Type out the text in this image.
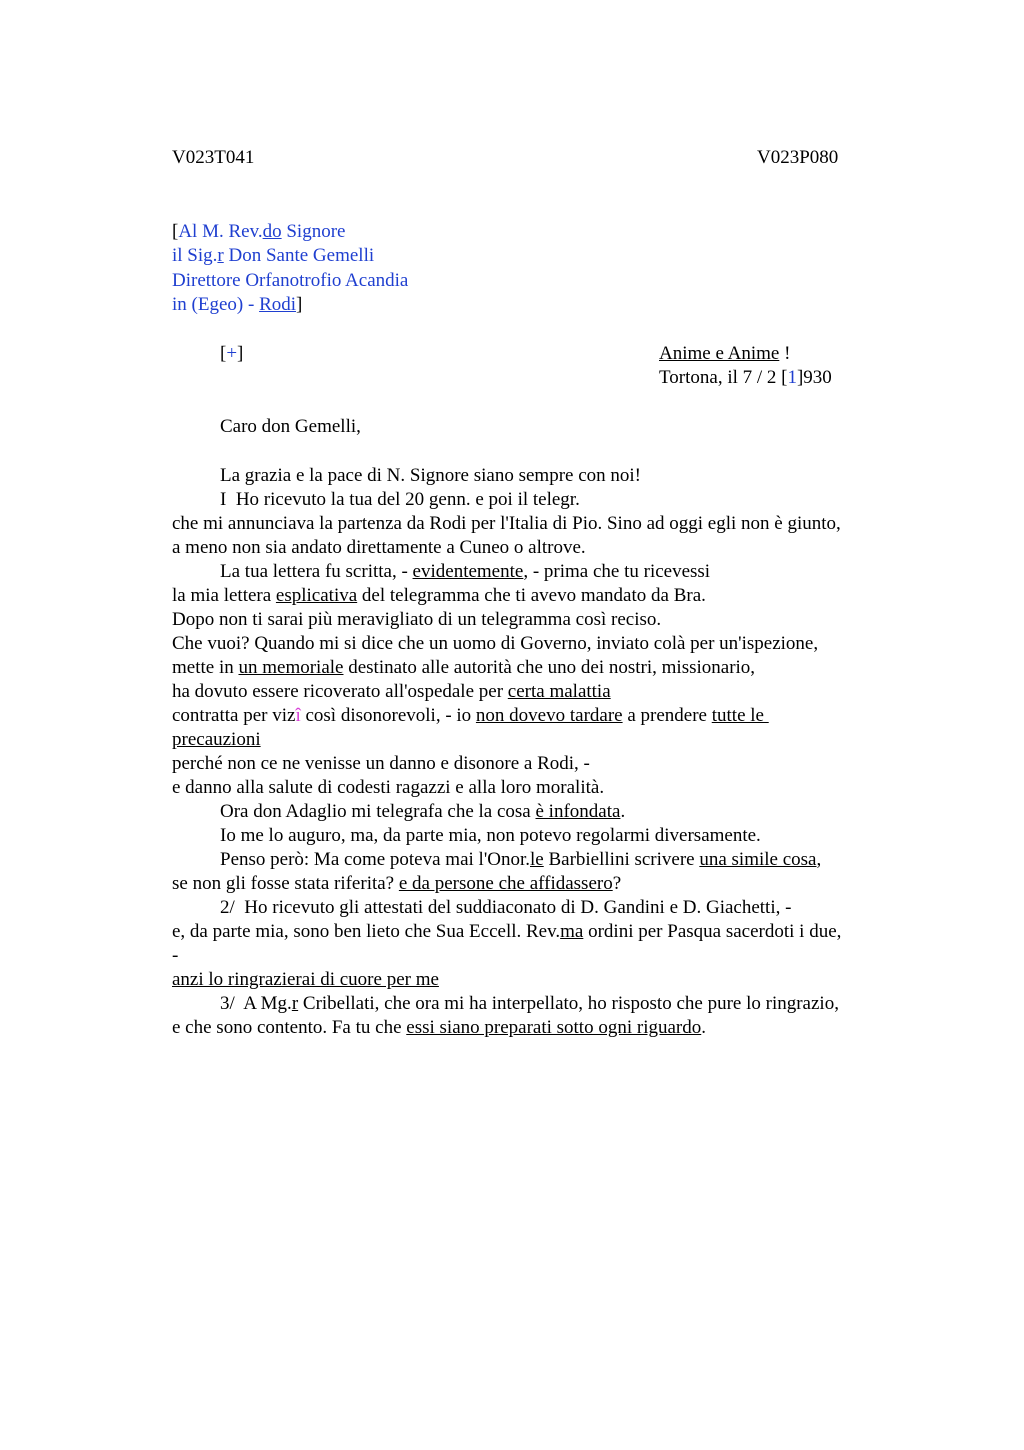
V023T041	V023P080
[Al M. Rev.do Signore
il Sig.r Don Sante Gemelli
Direttore Orfanotrofio Acandia
in (Egeo) - Rodi]
[+]	Anime e Anime !
Tortona, il 7 / 2 [1]930
Caro don Gemelli,
La grazia e la pace di N. Signore siano sempre con noi!
I  Ho ricevuto la tua del 20 genn. e poi il telegr.
che mi annunciava la partenza da Rodi per l'Italia di Pio. Sino ad oggi egli non è giunto,
a meno non sia andato direttamente a Cuneo o altrove.
La tua lettera fu scritta, - evidentemente, - prima che tu ricevessi
la mia lettera esplicativa del telegramma che ti avevo mandato da Bra.
Dopo non ti sarai più meravigliato di un telegramma così reciso.
Che vuoi? Quando mi si dice che un uomo di Governo, inviato colà per un'ispezione,
mette in un memoriale destinato alle autorità che uno dei nostri, missionario,
ha dovuto essere ricoverato all'ospedale per certa malattia
contratta per vizî così disonorevoli, - io non dovevo tardare a prendere tutte le
precauzioni
perché non ce ne venisse un danno e disonore a Rodi, -
e danno alla salute di codesti ragazzi e alla loro moralità.
Ora don Adaglio mi telegrafa che la cosa è infondata.
Io me lo auguro, ma, da parte mia, non potevo regolarmi diversamente.
Penso però: Ma come poteva mai l'Onor.le Barbiellini scrivere una simile cosa,
se non gli fosse stata riferita? e da persone che affidassero?
2/  Ho ricevuto gli attestati del suddiaconato di D. Gandini e D. Giachetti, -
e, da parte mia, sono ben lieto che Sua Eccell. Rev.ma ordini per Pasqua sacerdoti i due,
-
anzi lo ringrazierai di cuore per me
3/  A Mg.r Cribellati, che ora mi ha interpellato, ho risposto che pure lo ringrazio,
e che sono contento. Fa tu che essi siano preparati sotto ogni riguardo.
